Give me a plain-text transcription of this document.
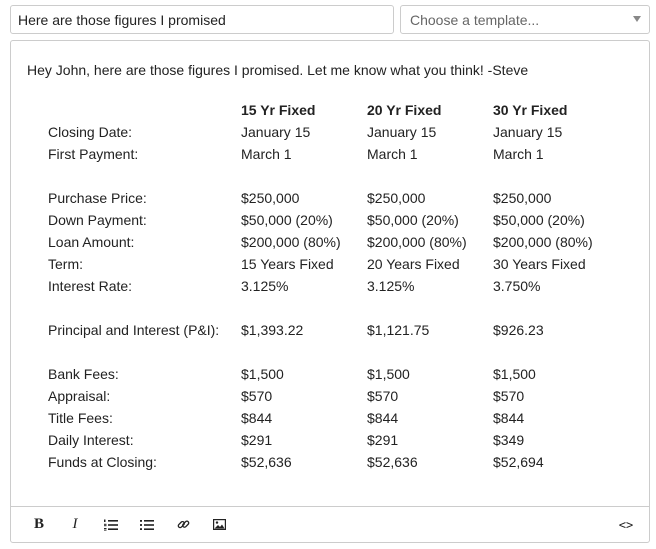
Here are those figures I promised
Choose a template...

Hey John, here are those figures I promised. Let me know what you think! -Steve

	15 Yr Fixed	20 Yr Fixed	30 Yr Fixed
Closing Date:	January 15	January 15	January 15
First Payment:	March 1	March 1	March 1

Purchase Price:	$250,000	$250,000	$250,000
Down Payment:	$50,000 (20%)	$50,000 (20%)	$50,000 (20%)
Loan Amount:	$200,000 (80%)	$200,000 (80%)	$200,000 (80%)
Term:	15 Years Fixed	20 Years Fixed	30 Years Fixed
Interest Rate:	3.125%	3.125%	3.750%

Principal and Interest (P&I):	$1,393.22	$1,121.75	$926.23

Bank Fees:	$1,500	$1,500	$1,500
Appraisal:	$570	$570	$570
Title Fees:	$844	$844	$844
Daily Interest:	$291	$291	$349
Funds at Closing:	$52,636	$52,636	$52,694
B	I	<>
